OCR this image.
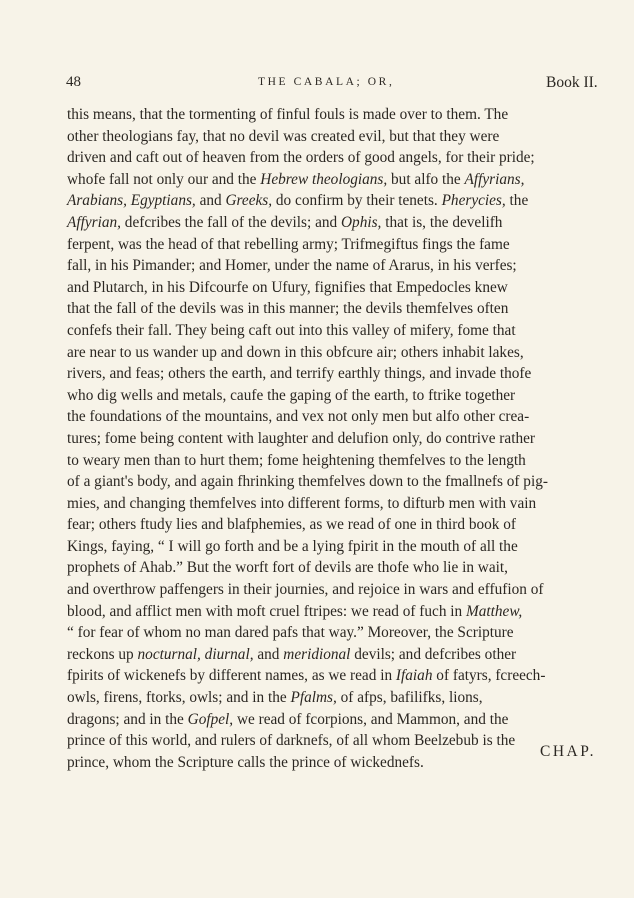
48	THE CABALA; OR,	Book II.
this means, that the tormenting of finful fouls is made over to them. The
other theologians fay, that no devil was created evil, but that they were
driven and caft out of heaven from the orders of good angels, for their pride;
whofe fall not only our and the Hebrew theologians, but alfo the Affyrians,
Arabians, Egyptians, and Greeks, do confirm by their tenets. Pherycies, the
Affyrian, defcribes the fall of the devils; and Ophis, that is, the develifh
ferpent, was the head of that rebelling army; Trifmegiftus fings the fame
fall, in his Pimander; and Homer, under the name of Ararus, in his verfes;
and Plutarch, in his Difcourfe on Ufury, fignifies that Empedocles knew
that the fall of the devils was in this manner; the devils themfelves often
confefs their fall. They being caft out into this valley of mifery, fome that
are near to us wander up and down in this obfcure air; others inhabit lakes,
rivers, and feas; others the earth, and terrify earthly things, and invade thofe
who dig wells and metals, caufe the gaping of the earth, to ftrike together
the foundations of the mountains, and vex not only men but alfo other crea-
tures; fome being content with laughter and delufion only, do contrive rather
to weary men than to hurt them; fome heightening themfelves to the length
of a giant's body, and again fhrinking themfelves down to the fmallnefs of pig-
mies, and changing themfelves into different forms, to difturb men with vain
fear; others ftudy lies and blafphemies, as we read of one in third book of
Kings, faying, “ I will go forth and be a lying fpirit in the mouth of all the
prophets of Ahab.” But the worft fort of devils are thofe who lie in wait,
and overthrow paffengers in their journies, and rejoice in wars and effufion of
blood, and afflict men with moft cruel ftripes: we read of fuch in Matthew,
“ for fear of whom no man dared pafs that way.” Moreover, the Scripture
reckons up nocturnal, diurnal, and meridional devils; and defcribes other
fpirits of wickenefs by different names, as we read in Ifaiah of fatyrs, fcreech-
owls, firens, ftorks, owls; and in the Pfalms, of afps, bafilifks, lions,
dragons; and in the Gofpel, we read of fcorpions, and Mammon, and the
prince of this world, and rulers of darknefs, of all whom Beelzebub is the
prince, whom the Scripture calls the prince of wickednefs.
CHAP.
